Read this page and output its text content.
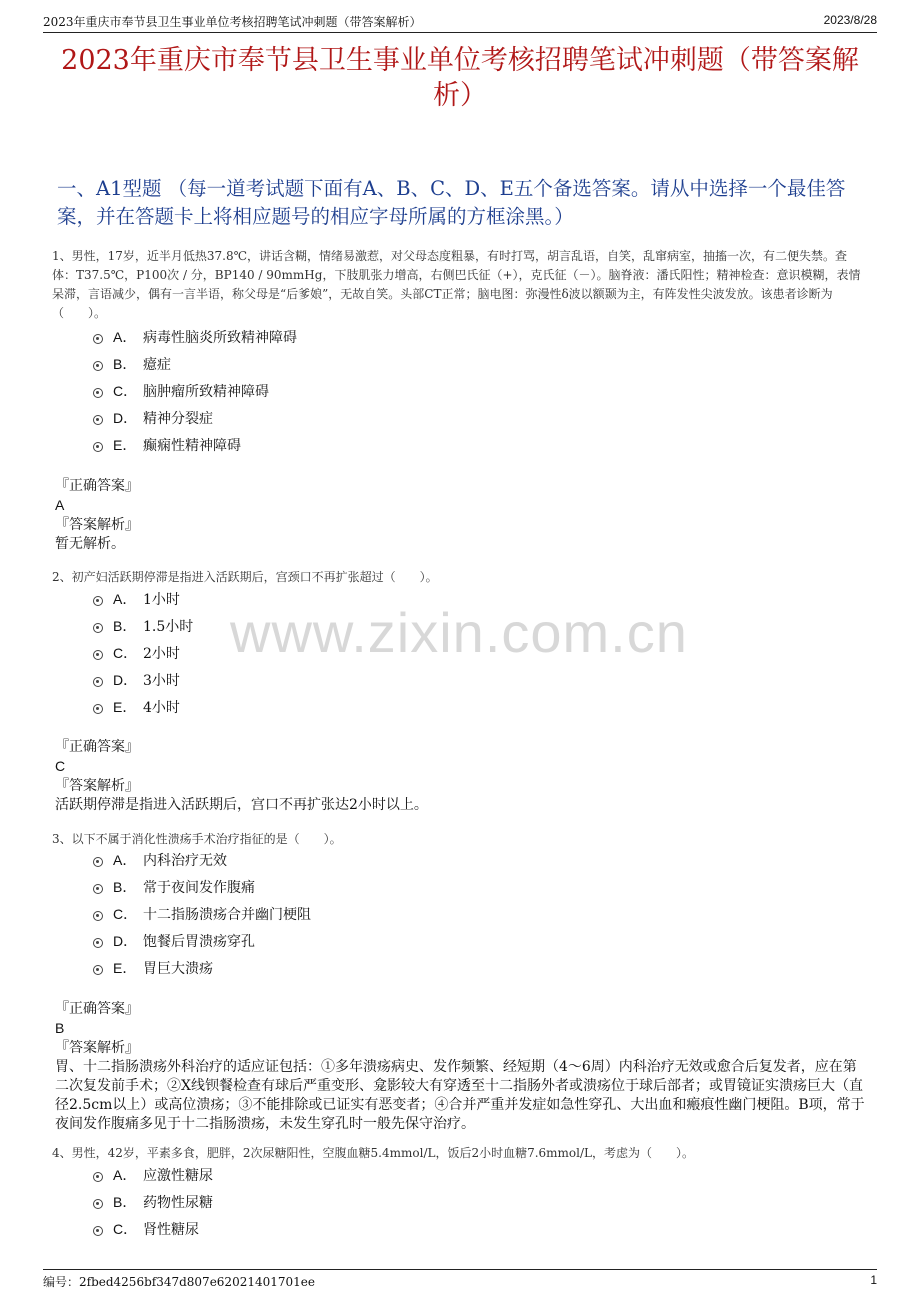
2023年重庆市奉节县卫生事业单位考核招聘笔试冲刺题（带答案解析）	2023/8/28
2023年重庆市奉节县卫生事业单位考核招聘笔试冲刺题（带答案解析）
一、A1型题 （每一道考试题下面有A、B、C、D、E五个备选答案。请从中选择一个最佳答案，并在答题卡上将相应题号的相应字母所属的方框涂黑。）
www.zixin.com.cn
1、男性，17岁，近半月低热37.8℃，讲话含糊，情绪易激惹，对父母态度粗暴，有时打骂，胡言乱语，自笑，乱窜病室，抽搐一次，有二便失禁。查体：T37.5℃，P100次 / 分，BP140 / 90mmHg，下肢肌张力增高，右侧巴氏征（+），克氏征（－）。脑脊液：潘氏阳性；精神检查：意识模糊，表情呆滞，言语减少，偶有一言半语，称父母是“后爹娘”，无故自笑。头部CT正常；脑电图：弥漫性δ波以额颞为主，有阵发性尖波发放。该患者诊断为（　　）。
A． 病毒性脑炎所致精神障碍
B． 癔症
C． 脑肿瘤所致精神障碍
D． 精神分裂症
E． 癫痫性精神障碍
『正确答案』
A
『答案解析』
暂无解析。
2、初产妇活跃期停滞是指进入活跃期后，宫颈口不再扩张超过（　　）。
A． 1小时
B． 1.5小时
C． 2小时
D． 3小时
E． 4小时
『正确答案』
C
『答案解析』
活跃期停滞是指进入活跃期后，宫口不再扩张达2小时以上。
3、以下不属于消化性溃疡手术治疗指征的是（　　）。
A． 内科治疗无效
B． 常于夜间发作腹痛
C． 十二指肠溃疡合并幽门梗阻
D． 饱餐后胃溃疡穿孔
E． 胃巨大溃疡
『正确答案』
B
『答案解析』
胃、十二指肠溃疡外科治疗的适应证包括：①多年溃疡病史、发作频繁、经短期（4～6周）内科治疗无效或愈合后复发者，应在第二次复发前手术；②X线钡餐检查有球后严重变形、龛影较大有穿透至十二指肠外者或溃疡位于球后部者；或胃镜证实溃疡巨大（直径2.5cm以上）或高位溃疡；③不能排除或已证实有恶变者；④合并严重并发症如急性穿孔、大出血和瘢痕性幽门梗阻。B项，常于夜间发作腹痛多见于十二指肠溃疡，未发生穿孔时一般先保守治疗。
4、男性，42岁，平素多食，肥胖，2次尿糖阳性，空腹血糖5.4mmol/L，饭后2小时血糖7.6mmol/L，考虑为（　　）。
A． 应激性糖尿
B． 药物性尿糖
C． 肾性糖尿
编号：2fbed4256bf347d807e62021401701ee	1
